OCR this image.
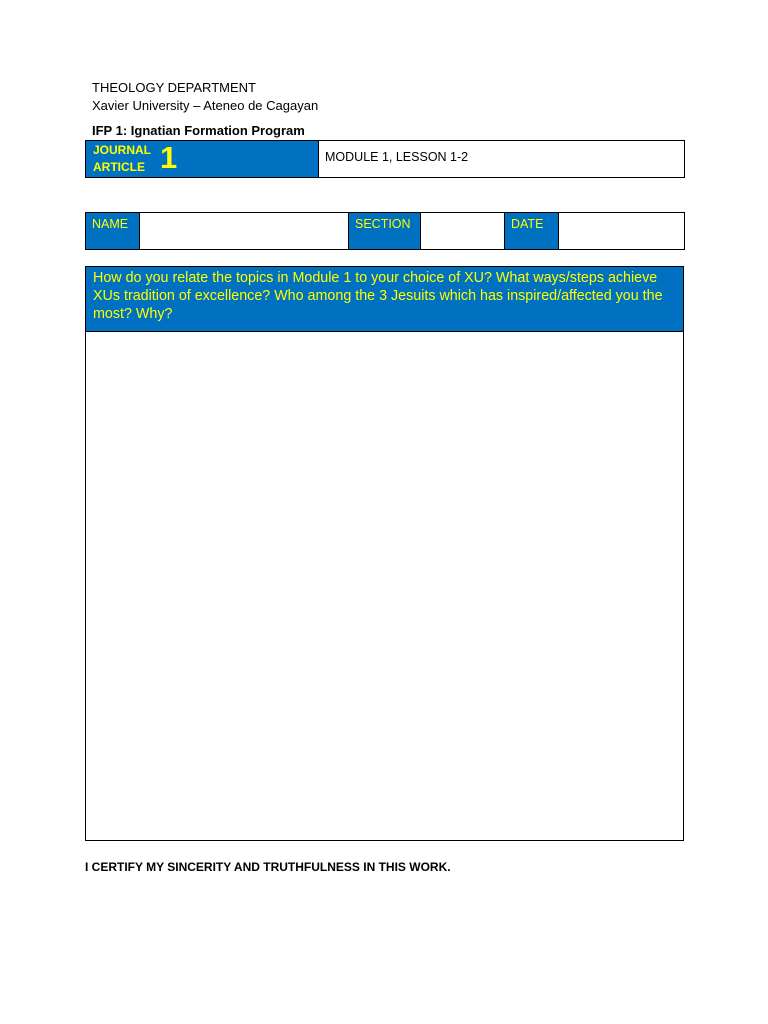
THEOLOGY DEPARTMENT
Xavier University – Ateneo de Cagayan
IFP 1: Ignatian Formation Program
JOURNAL
ARTICLE 1	MODULE 1, LESSON 1-2
NAME		SECTION		DATE	

How do you relate the topics in Module 1 to your choice of XU? What ways/steps achieve XUs tradition of excellence? Who among the 3 Jesuits which has inspired/affected you the most? Why?

I CERTIFY MY SINCERITY AND TRUTHFULNESS IN THIS WORK.
